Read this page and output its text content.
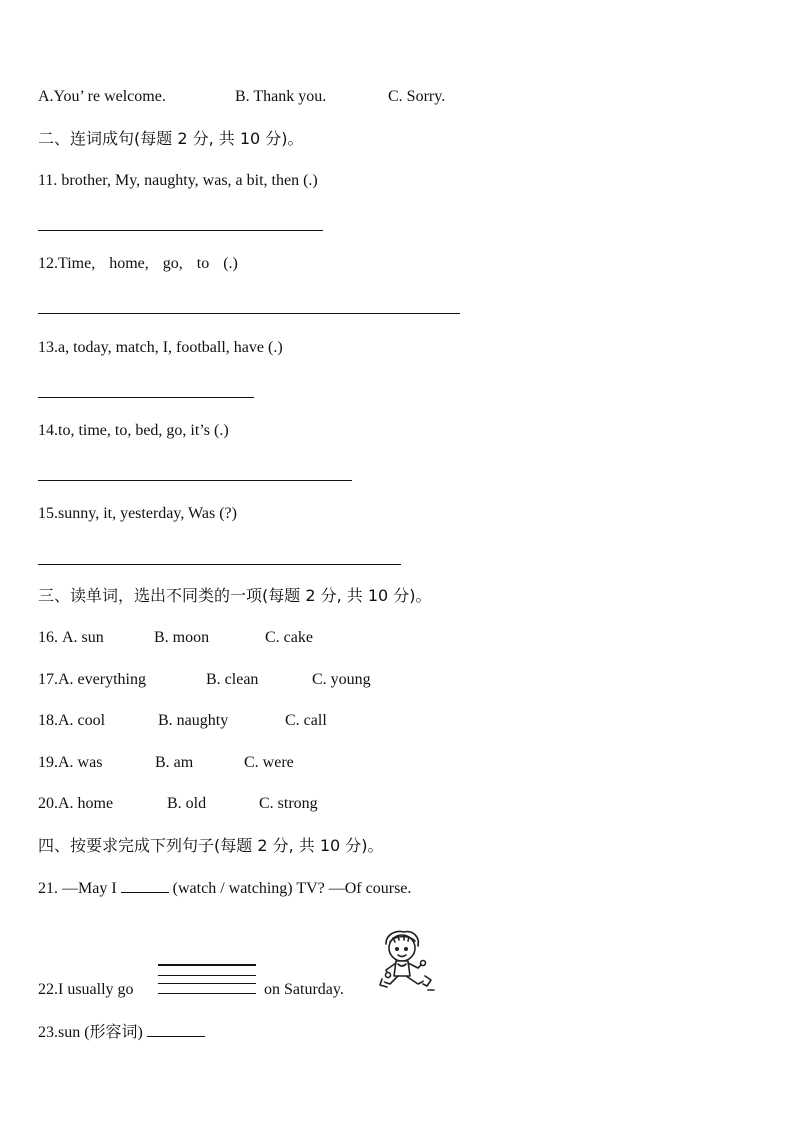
A.You’ re welcome.	B. Thank you.	C. Sorry.
二、连词成句(每题 2 分, 共 10 分)。
11. brother, My, naughty, was, a bit, then (.)
12.Time, home, go, to (.)
13.a, today, match, I, football, have (.)
14.to, time, to, bed, go, it’s (.)
15.sunny, it, yesterday, Was (?)
三、读单词，选出不同类的一项(每题 2 分, 共 10 分)。
16. A. sun	B. moon	C. cake
17.A. everything	B. clean	C. young
18.A. cool	B. naughty	C. call
19.A. was	B. am	C. were
20.A. home	B. old	C. strong
四、按要求完成下列句子(每题 2 分, 共 10 分)。
21. —May I	(watch / watching) TV? —Of course.
22.I usually go	on Saturday.
23.sun (形容词)
